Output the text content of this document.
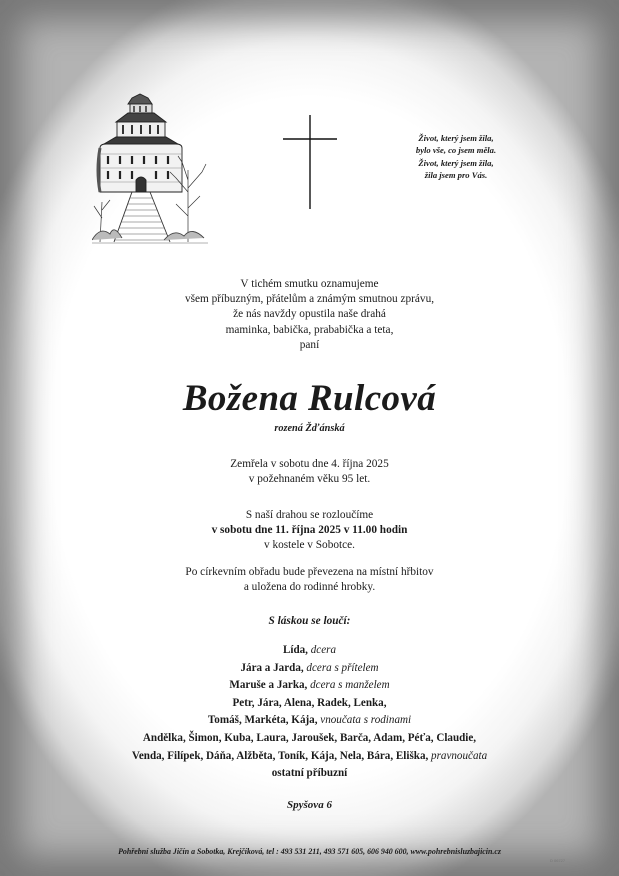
Život, který jsem žila,
bylo vše, co jsem měla.
Život, který jsem žila,
žila jsem pro Vás.
V tichém smutku oznamujeme
všem příbuzným, přátelům a známým smutnou zprávu,
že nás navždy opustila naše drahá
maminka, babička, prababička a teta,
paní
Božena Rulcová
rozená Žďánská
Zemřela v sobotu dne 4. října 2025
v požehnaném věku 95 let.
S naší drahou se rozloučíme
v sobotu dne 11. října 2025 v 11.00 hodin
v kostele v Sobotce.
Po církevním obřadu bude převezena na místní hřbitov
a uložena do rodinné hrobky.
S láskou se loučí:
Lída, dcera
Jára a Jarda, dcera s přítelem
Maruše a Jarka, dcera s manželem
Petr, Jára, Alena, Radek, Lenka,
Tomáš, Markéta, Kája, vnoučata s rodinami
Andělka, Šimon, Kuba, Laura, Jaroušek, Barča, Adam, Péťa, Claudie,
Venda, Filípek, Dáňa, Alžběta, Toník, Kája, Nela, Bára, Eliška, pravnoučata
ostatní příbuzní
Spyšova 6
Pohřební služba Jičín a Sobotka, Krejčíková, tel : 493 531 211, 493 571 605, 606 940 600, www.pohrebnisluzbajicin.cz
D 06727
